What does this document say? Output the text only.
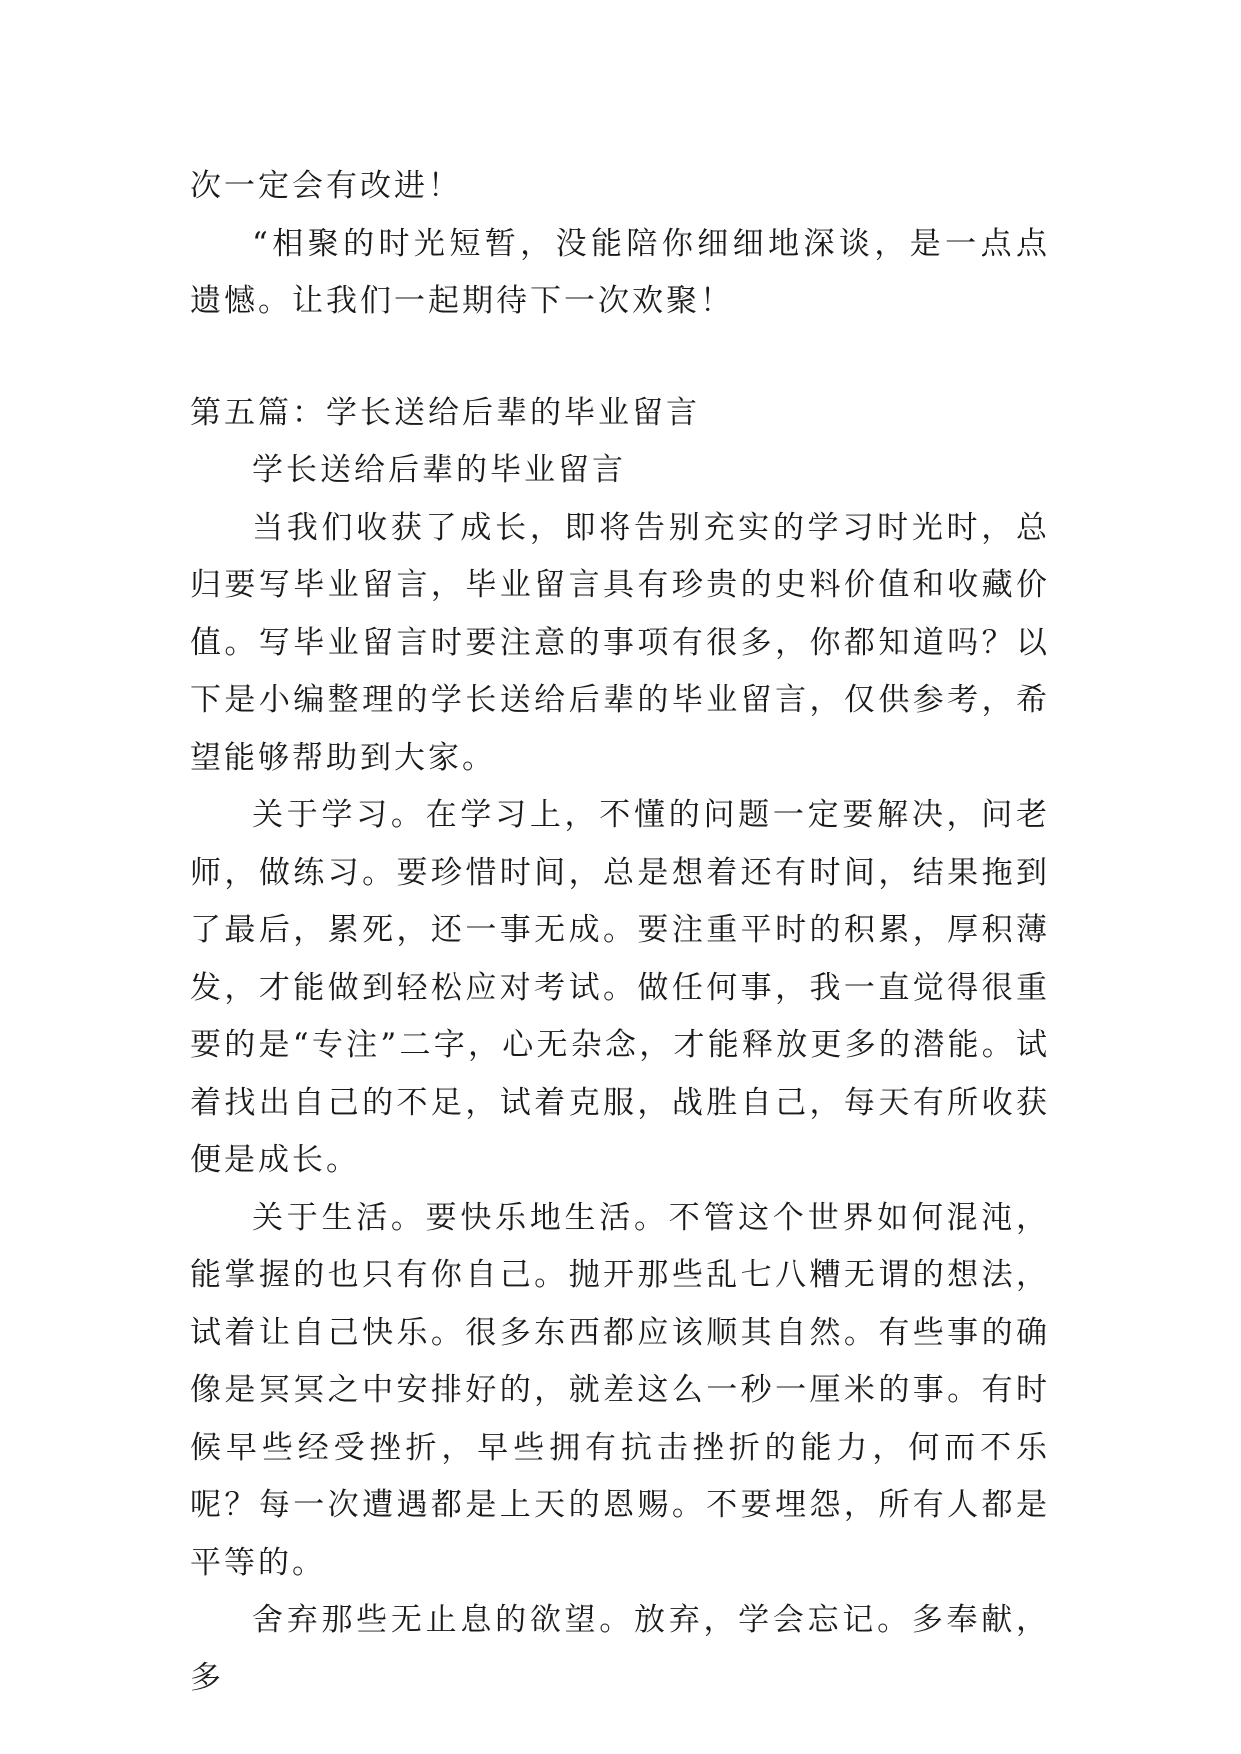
次一定会有改进！

“相聚的时光短暂，没能陪你细细地深谈，是一点点遗憾。让我们一起期待下一次欢聚！

第五篇：学长送给后辈的毕业留言

学长送给后辈的毕业留言

当我们收获了成长，即将告别充实的学习时光时，总归要写毕业留言，毕业留言具有珍贵的史料价值和收藏价值。写毕业留言时要注意的事项有很多，你都知道吗？以下是小编整理的学长送给后辈的毕业留言，仅供参考，希望能够帮助到大家。

关于学习。在学习上，不懂的问题一定要解决，问老师，做练习。要珍惜时间，总是想着还有时间，结果拖到了最后，累死，还一事无成。要注重平时的积累，厚积薄发，才能做到轻松应对考试。做任何事，我一直觉得很重要的是“专注”二字，心无杂念，才能释放更多的潜能。试着找出自己的不足，试着克服，战胜自己，每天有所收获便是成长。

关于生活。要快乐地生活。不管这个世界如何混沌，能掌握的也只有你自己。抛开那些乱七八糟无谓的想法，试着让自己快乐。很多东西都应该顺其自然。有些事的确像是冥冥之中安排好的，就差这么一秒一厘米的事。有时候早些经受挫折，早些拥有抗击挫折的能力，何而不乐呢？每一次遭遇都是上天的恩赐。不要埋怨，所有人都是平等的。

舍弃那些无止息的欲望。放弃，学会忘记。多奉献，多
